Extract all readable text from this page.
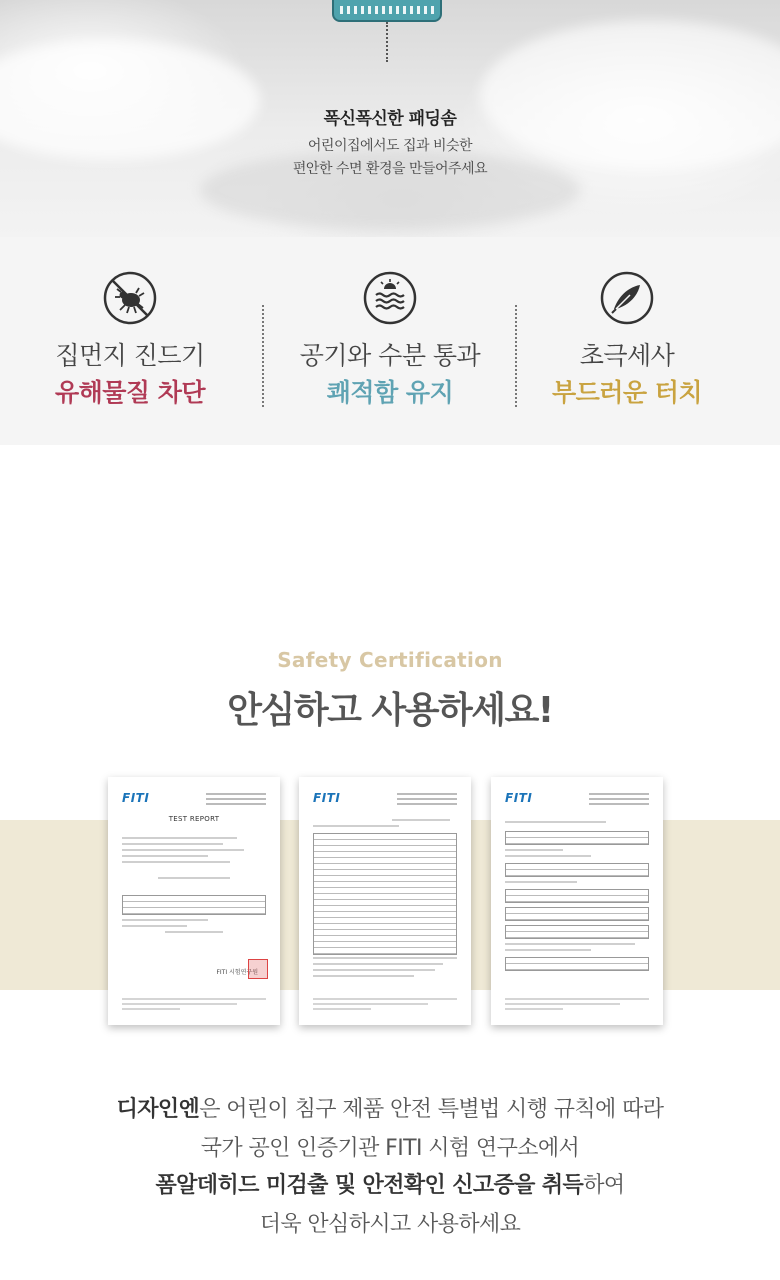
폭신폭신한 패딩솜
어린이집에서도 집과 비슷한
편안한 수면 환경을 만들어주세요
집먼지 진드기
유해물질 차단
공기와 수분 통과
쾌적함 유지
초극세사
부드러운 터치
Safety Certification
안심하고 사용하세요!
FITI
TEST REPORT
FITI 시험연구원
FITI	FITI
디자인엔은 어린이 침구 제품 안전 특별법 시행 규칙에 따라
국가 공인 인증기관 FITI 시험 연구소에서
폼알데히드 미검출 및 안전확인 신고증을 취득하여
더욱 안심하시고 사용하세요
